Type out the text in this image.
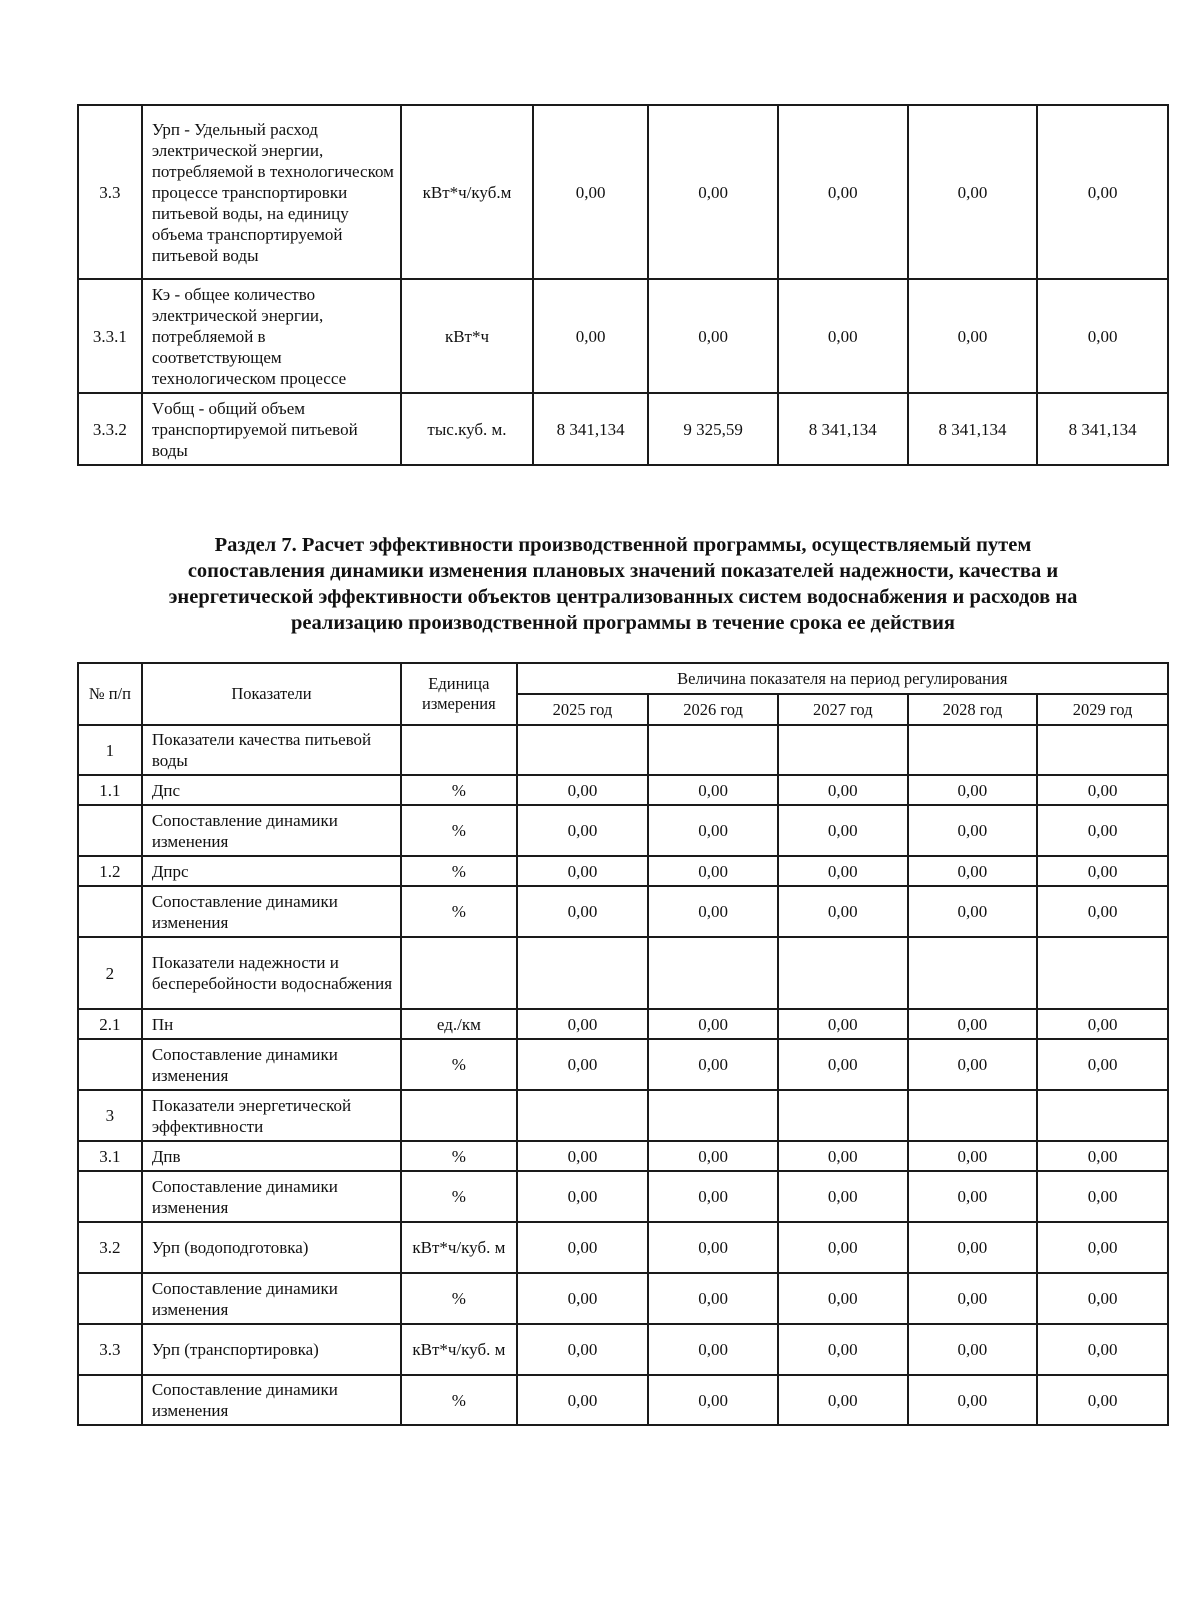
3.3	Урп - Удельный расход электрической энергии, потребляемой в технологическом процессе транспортировки питьевой воды, на единицу объема транспортируемой питьевой воды	кВт*ч/куб.м	0,00	0,00	0,00	0,00	0,00
3.3.1	Кэ - общее количество электрической энергии, потребляемой в соответствующем технологическом процессе	кВт*ч	0,00	0,00	0,00	0,00	0,00
3.3.2	Vобщ - общий объем транспортируемой питьевой воды	тыс.куб. м.	8 341,134	9 325,59	8 341,134	8 341,134	8 341,134
Раздел 7. Расчет эффективности производственной программы, осуществляемый путем
сопоставления динамики изменения плановых значений показателей надежности, качества и
энергетической эффективности объектов централизованных систем водоснабжения и расходов на
реализацию производственной программы в течение срока ее действия
№ п/п	Показатели	Единица измерения	Величина показателя на период регулирования				
			2025 год	2026 год	2027 год	2028 год	2029 год
1	Показатели качества питьевой воды						
1.1	Дпс	%	0,00	0,00	0,00	0,00	0,00
	Сопоставление динамики изменения	%	0,00	0,00	0,00	0,00	0,00
1.2	Дпрс	%	0,00	0,00	0,00	0,00	0,00
	Сопоставление динамики изменения	%	0,00	0,00	0,00	0,00	0,00
2	Показатели надежности и бесперебойности водоснабжения						
2.1	Пн	ед./км	0,00	0,00	0,00	0,00	0,00
	Сопоставление динамики изменения	%	0,00	0,00	0,00	0,00	0,00
3	Показатели энергетической эффективности						
3.1	Дпв	%	0,00	0,00	0,00	0,00	0,00
	Сопоставление динамики изменения	%	0,00	0,00	0,00	0,00	0,00
3.2	Урп (водоподготовка)	кВт*ч/куб. м	0,00	0,00	0,00	0,00	0,00
	Сопоставление динамики изменения	%	0,00	0,00	0,00	0,00	0,00
3.3	Урп (транспортировка)	кВт*ч/куб. м	0,00	0,00	0,00	0,00	0,00
	Сопоставление динамики изменения	%	0,00	0,00	0,00	0,00	0,00
